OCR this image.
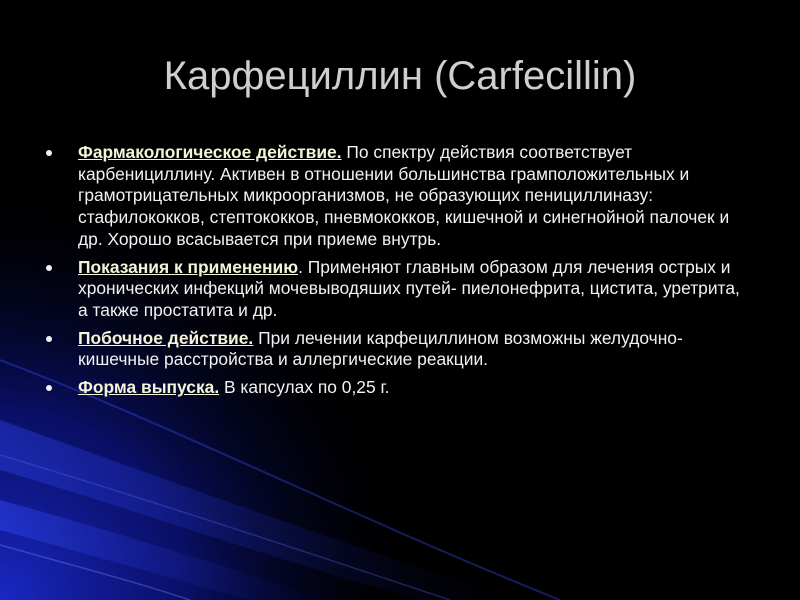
Карфециллин (Carfecillin)
Фармакологическое действие. По спектру действия соответствует карбенициллину. Активен в отношении большинства грамположительных и грамотрицательных микроорганизмов, не образующих пенициллиназу: стафилококков, стептококков, пневмококков, кишечной и синегнойной палочек и др. Хорошо всасывается при приеме внутрь.
Показания к применению. Применяют главным образом для лечения острых и хронических инфекций мочевыводяших путей- пиелонефрита, цистита, уретрита, а также простатита и др.
Побочное действие. При лечении карфециллином возможны желудочно-кишечные расстройства и аллергические реакции.
Форма выпуска. В капсулах по 0,25 г.
